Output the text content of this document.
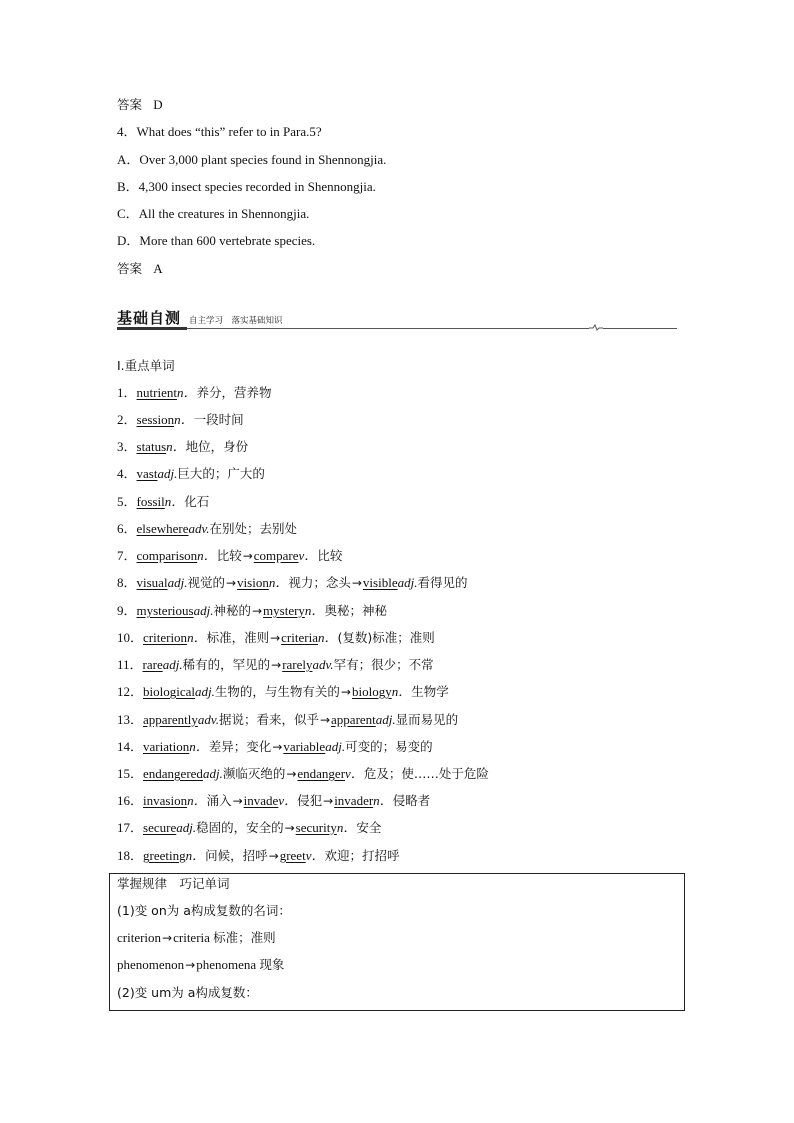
答案 D
4．What does “this” refer to in Para.5?
A．Over 3,000 plant species found in Shennongjia.
B．4,300 insect species recorded in Shennongjia.
C．All the creatures in Shennongjia.
D．More than 600 vertebrate species.
答案 A
基础自测 自主学习　落实基础知识
Ⅰ.重点单词
1．nutrientn．养分，营养物
2．sessionn．一段时间
3．statusn．地位，身份
4．vastadj.巨大的；广大的
5．fossiln．化石
6．elsewhereadv.在别处；去别处
7．comparisonn．比较→comparev．比较
8．visualadj.视觉的→visionn．视力；念头→visibleadj.看得见的
9．mysteriousadj.神秘的→mysteryn．奥秘；神秘
10．criterionn．标准，准则→criterian．(复数)标准；准则
11．rareadj.稀有的，罕见的→rarelyadv.罕有；很少；不常
12．biologicaladj.生物的，与生物有关的→biologyn．生物学
13．apparentlyadv.据说；看来，似乎→apparentadj.显而易见的
14．variationn．差异；变化→variableadj.可变的；易变的
15．endangeredadj.濒临灭绝的→endangerv．危及；使……处于危险
16．invasionn．涌入→invadev．侵犯→invadern．侵略者
17．secureadj.稳固的，安全的→securityn．安全
18．greetingn．问候，招呼→greetv．欢迎；打招呼
掌握规律　巧记单词
(1)变 on为 a构成复数的名词：
criterion→criteria 标准；准则
phenomenon→phenomena 现象
(2)变 um为 a构成复数：
